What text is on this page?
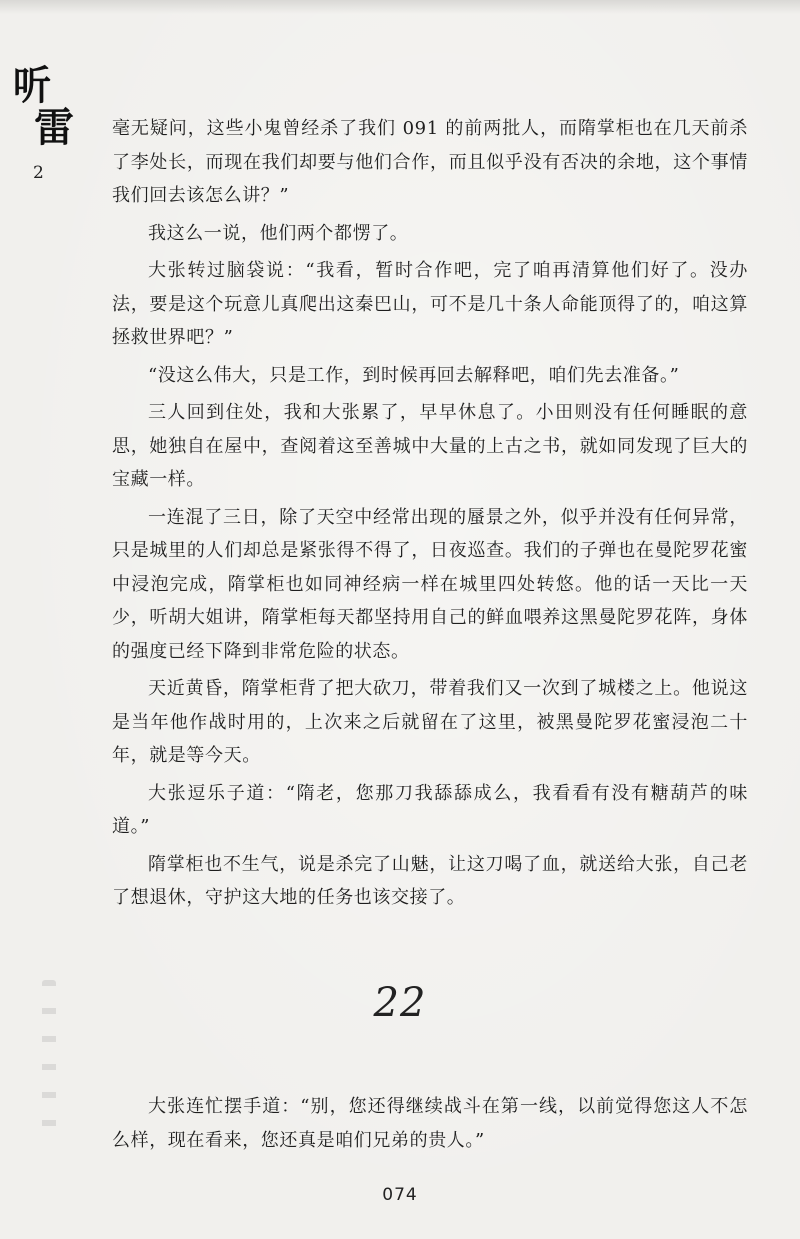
听
雷
2

毫无疑问，这些小鬼曾经杀了我们 091 的前两批人，而隋掌柜也在几天前杀了李处长，而现在我们却要与他们合作，而且似乎没有否决的余地，这个事情我们回去该怎么讲？”

我这么一说，他们两个都愣了。

大张转过脑袋说：“我看，暂时合作吧，完了咱再清算他们好了。没办法，要是这个玩意儿真爬出这秦巴山，可不是几十条人命能顶得了的，咱这算拯救世界吧？”

“没这么伟大，只是工作，到时候再回去解释吧，咱们先去准备。”

三人回到住处，我和大张累了，早早休息了。小田则没有任何睡眠的意思，她独自在屋中，查阅着这至善城中大量的上古之书，就如同发现了巨大的宝藏一样。

一连混了三日，除了天空中经常出现的蜃景之外，似乎并没有任何异常，只是城里的人们却总是紧张得不得了，日夜巡查。我们的子弹也在曼陀罗花蜜中浸泡完成，隋掌柜也如同神经病一样在城里四处转悠。他的话一天比一天少，听胡大姐讲，隋掌柜每天都坚持用自己的鲜血喂养这黑曼陀罗花阵，身体的强度已经下降到非常危险的状态。

天近黄昏，隋掌柜背了把大砍刀，带着我们又一次到了城楼之上。他说这是当年他作战时用的，上次来之后就留在了这里，被黑曼陀罗花蜜浸泡二十年，就是等今天。

大张逗乐子道：“隋老，您那刀我舔舔成么，我看看有没有糖葫芦的味道。”

隋掌柜也不生气，说是杀完了山魅，让这刀喝了血，就送给大张，自己老了想退休，守护这大地的任务也该交接了。

22

大张连忙摆手道：“别，您还得继续战斗在第一线，以前觉得您这人不怎么样，现在看来，您还真是咱们兄弟的贵人。”

074
